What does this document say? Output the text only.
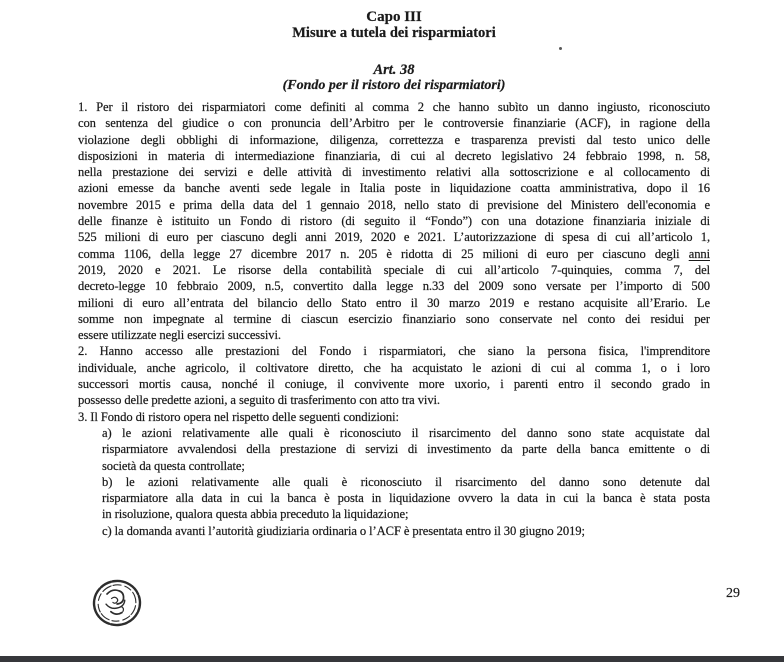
Capo III
Misure a tutela dei risparmiatori
Art. 38
(Fondo per il ristoro dei risparmiatori)
1. Per il ristoro dei risparmiatori come definiti al comma 2 che hanno subìto un danno ingiusto, riconosciuto
con sentenza del giudice o con pronuncia dell’Arbitro per le controversie finanziarie (ACF), in ragione della
violazione degli obblighi di informazione, diligenza, correttezza e trasparenza previsti dal testo unico delle
disposizioni in materia di intermediazione finanziaria, di cui al decreto legislativo 24 febbraio 1998, n. 58,
nella prestazione dei servizi e delle attività di investimento relativi alla sottoscrizione e al collocamento di
azioni emesse da banche aventi sede legale in Italia poste in liquidazione coatta amministrativa, dopo il 16
novembre 2015 e prima della data del 1 gennaio 2018, nello stato di previsione del Ministero dell'economia e
delle finanze è istituito un Fondo di ristoro (di seguito il “Fondo”) con una dotazione finanziaria iniziale di
525 milioni di euro per ciascuno degli anni 2019, 2020 e 2021. L’autorizzazione di spesa di cui all’articolo 1,
comma 1106, della legge 27 dicembre 2017 n. 205 è ridotta di 25 milioni di euro per ciascuno degli anni
2019, 2020 e 2021. Le risorse della contabilità speciale di cui all’articolo 7-quinquies, comma 7, del
decreto-legge 10 febbraio 2009, n.5, convertito dalla legge n.33 del 2009 sono versate per l’importo di 500
milioni di euro all’entrata del bilancio dello Stato entro il 30 marzo 2019 e restano acquisite all’Erario. Le
somme non impegnate al termine di ciascun esercizio finanziario sono conservate nel conto dei residui per
essere utilizzate negli esercizi successivi.
2. Hanno accesso alle prestazioni del Fondo i risparmiatori, che siano la persona fisica, l'imprenditore
individuale, anche agricolo, il coltivatore diretto, che ha acquistato le azioni di cui al comma 1, o i loro
successori mortis causa, nonché il coniuge, il convivente more uxorio, i parenti entro il secondo grado in
possesso delle predette azioni, a seguito di trasferimento con atto tra vivi.
3. Il Fondo di ristoro opera nel rispetto delle seguenti condizioni:
a) le azioni relativamente alle quali è riconosciuto il risarcimento del danno sono state acquistate dal
risparmiatore avvalendosi della prestazione di servizi di investimento da parte della banca emittente o di
società da questa controllate;
b) le azioni relativamente alle quali è riconosciuto il risarcimento del danno sono detenute dal
risparmiatore alla data in cui la banca è posta in liquidazione ovvero la data in cui la banca è stata posta
in risoluzione, qualora questa abbia preceduto la liquidazione;
c) la domanda avanti l’autorità giudiziaria ordinaria o l’ACF è presentata entro il 30 giugno 2019;
29
